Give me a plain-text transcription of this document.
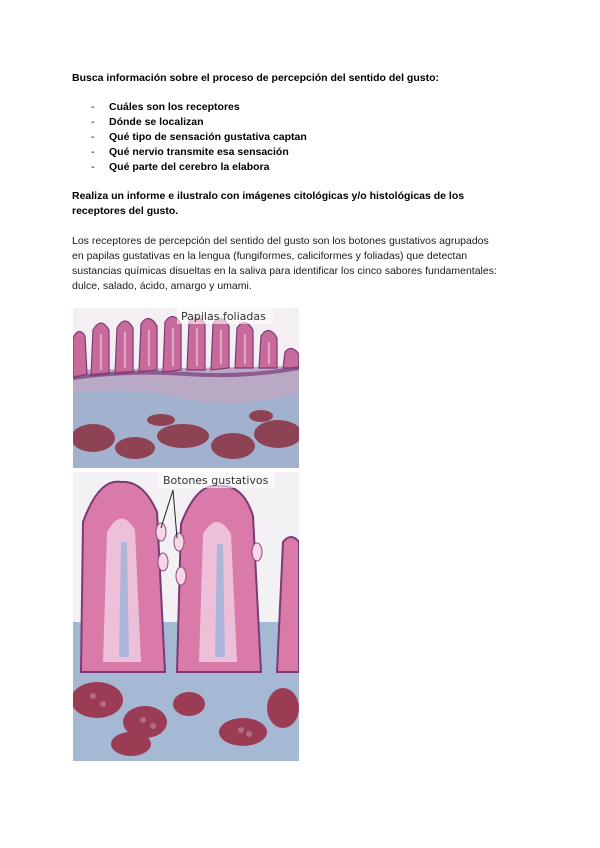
Busca información sobre el proceso de percepción del sentido del gusto:
- Cuáles son los receptores
- Dónde se localizan
- Qué tipo de sensación gustativa captan
- Qué nervio transmite esa sensación
- Qué parte del cerebro la elabora
Realiza un informe e ilustralo con imágenes citológicas y/o histológicas de los receptores del gusto.
Los receptores de percepción del sentido del gusto son los botones gustativos agrupados
en papilas gustativas en la lengua (fungiformes, caliciformes y foliadas) que detectan
sustancias químicas disueltas en la saliva para identificar los cinco sabores fundamentales:
dulce, salado, ácido, amargo y umami.
Papilas foliadas
Botones gustativos
